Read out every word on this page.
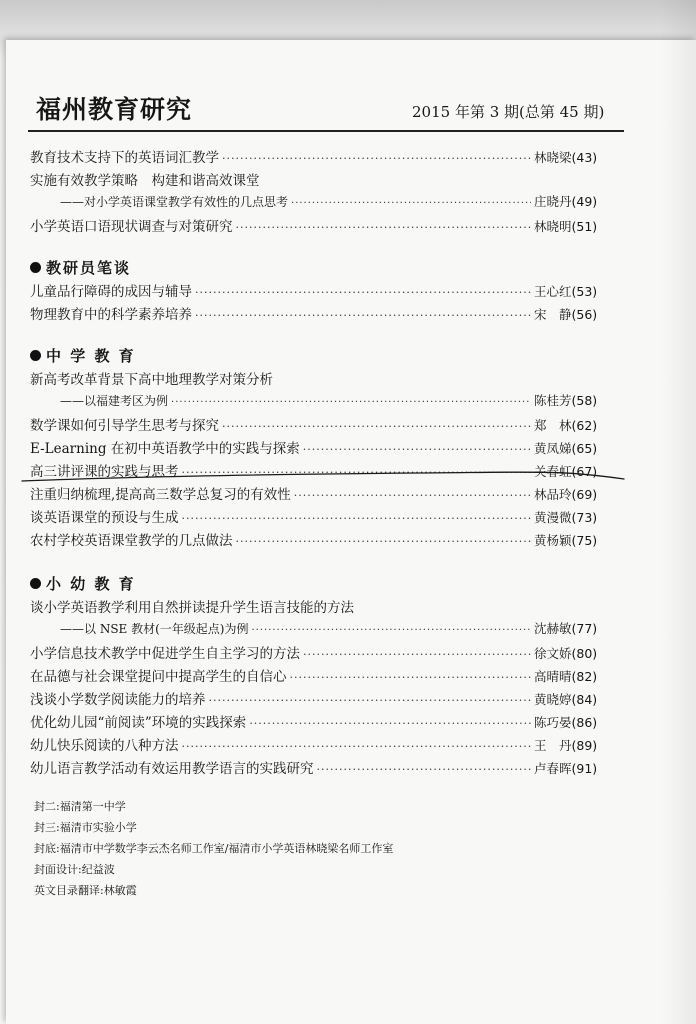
福州教育研究	2015 年第 3 期(总第 45 期)
教育技术支持下的英语词汇教学 ·····	林晓梁(43)
实施有效教学策略　构建和谐高效课堂
——对小学英语课堂教学有效性的几点思考 ·····	庄晓丹(49)
小学英语口语现状调查与对策研究 ·····	林晓明(51)
教研员笔谈
儿童品行障碍的成因与辅导 ·····	王心红(53)
物理教育中的科学素养培养 ·····	宋　静(56)
中 学 教 育
新高考改革背景下高中地理教学对策分析
——以福建考区为例 ·····	陈桂芳(58)
数学课如何引导学生思考与探究 ·····	郑　林(62)
E-Learning 在初中英语教学中的实践与探索 ·····	黄凤娣(65)
高三讲评课的实践与思考 ·····	关春虹(67)
注重归纳梳理,提高高三数学总复习的有效性 ·····	林品玲(69)
谈英语课堂的预设与生成 ·····	黄漫微(73)
农村学校英语课堂教学的几点做法 ·····	黄杨颖(75)
小 幼 教 育
谈小学英语教学利用自然拼读提升学生语言技能的方法
——以 NSE 教材(一年级起点)为例 ·····	沈赫敏(77)
小学信息技术教学中促进学生自主学习的方法 ·····	徐文娇(80)
在品德与社会课堂提问中提高学生的自信心 ·····	高晴晴(82)
浅谈小学数学阅读能力的培养 ·····	黄晓婷(84)
优化幼儿园“前阅读”环境的实践探索 ·····	陈巧晏(86)
幼儿快乐阅读的八种方法 ·····	王　丹(89)
幼儿语言教学活动有效运用教学语言的实践研究 ·····	卢春晖(91)
封二:福清第一中学
封三:福清市实验小学
封底:福清市中学数学李云杰名师工作室/福清市小学英语林晓梁名师工作室
封面设计:纪益波
英文目录翻译:林敏霞
